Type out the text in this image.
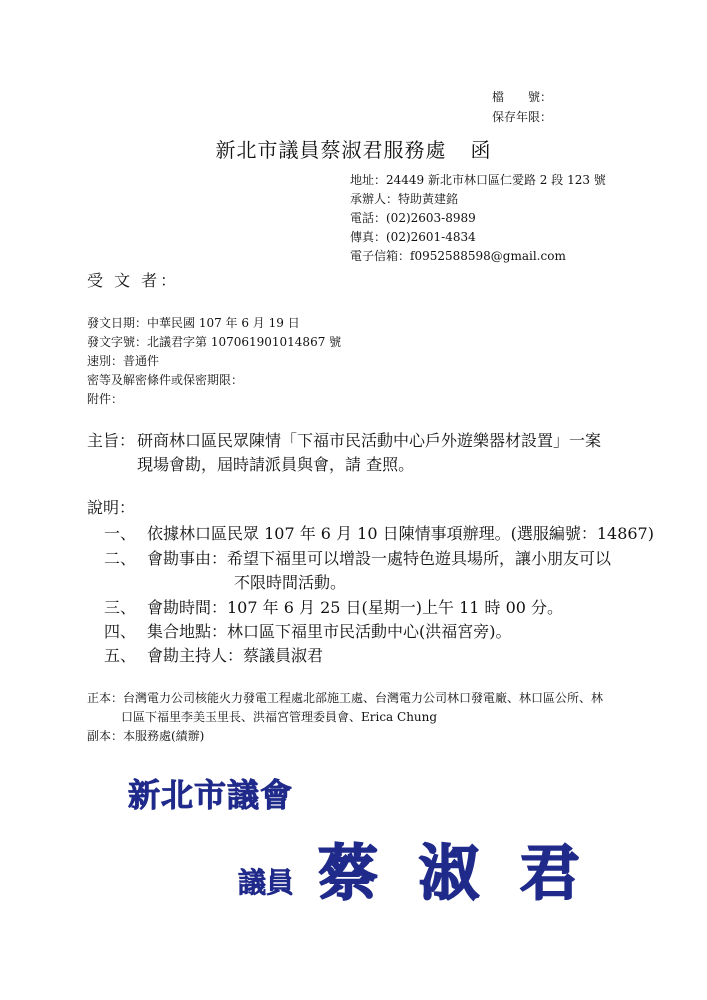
檔　　號：
保存年限：
新北市議員蔡淑君服務處 函
地址：24449 新北市林口區仁愛路 2 段 123 號
承辦人：特助黃建銘
電話：(02)2603-8989
傳真：(02)2601-4834
電子信箱：f0952588598@gmail.com
受 文 者：
發文日期：中華民國 107 年 6 月 19 日
發文字號：北議君字第 107061901014867 號
速別：普通件
密等及解密條件或保密期限：
附件：
主旨： 研商林口區民眾陳情「下福市民活動中心戶外遊樂器材設置」一案
現場會勘，屆時請派員與會，請 查照。
說明：
一、 依據林口區民眾 107 年 6 月 10 日陳情事項辦理。(選服編號：14867)
二、 會勘事由：希望下福里可以增設一處特色遊具場所，讓小朋友可以
不限時間活動。
三、 會勘時間：107 年 6 月 25 日(星期一)上午 11 時 00 分。
四、 集合地點：林口區下福里市民活動中心(洪福宮旁)。
五、 會勘主持人：蔡議員淑君
正本：台灣電力公司核能火力發電工程處北部施工處、台灣電力公司林口發電廠、林口區公所、林
口區下福里李美玉里長、洪福宮管理委員會、Erica Chung
副本：本服務處(績辦)
新北市議會
議員 蔡 淑 君
